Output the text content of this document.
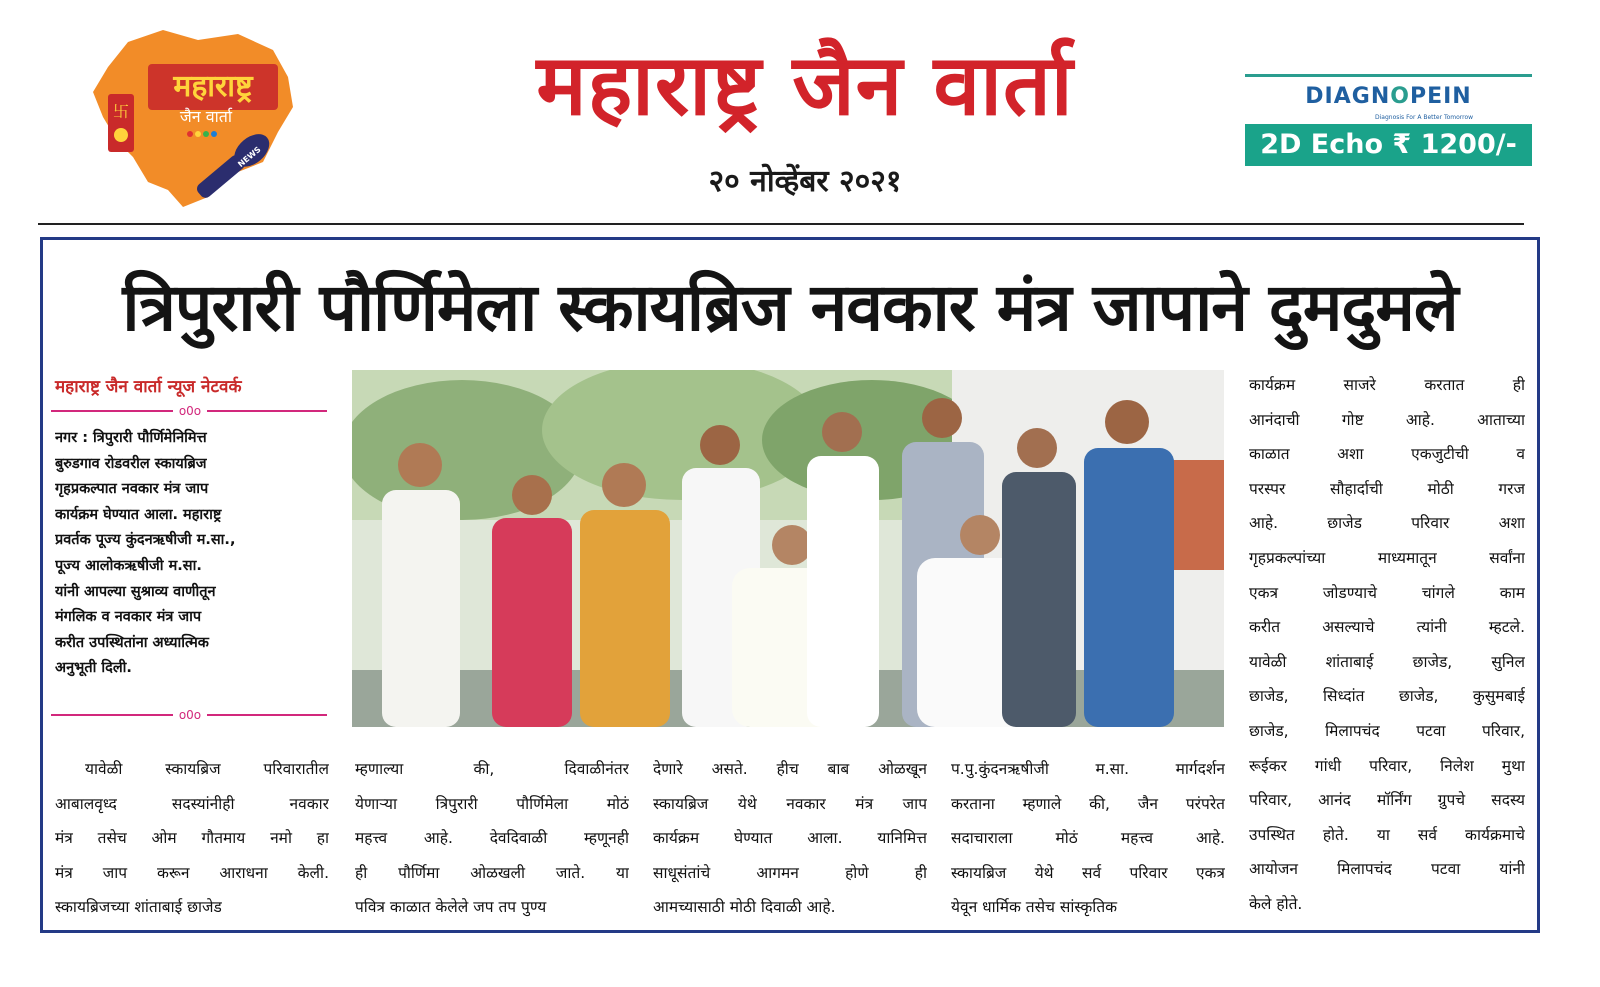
महाराष्ट्र
जैन वार्ता
卐
NEWS
महाराष्ट्र जैन वार्ता
२० नोव्हेंबर २०२१
DIAGNOPEIN
Diagnosis For A Better Tomorrow
2D Echo ₹ 1200/-
त्रिपुरारी पौर्णिमेला स्कायब्रिज नवकार मंत्र जापाने दुमदुमले
महाराष्ट्र जैन वार्ता न्यूज नेटवर्क
o0o
नगर : त्रिपुरारी पौर्णिमेनिमित्त
बुरुडगाव रोडवरील स्कायब्रिज
गृहप्रकल्पात नवकार मंत्र जाप
कार्यक्रम घेण्यात आला. महाराष्ट्र
प्रवर्तक पूज्य कुंदनऋषीजी म.सा.,
पूज्य आलोकऋषीजी म.सा.
यांनी आपल्या सुश्राव्य वाणीतून
मंगलिक व नवकार मंत्र जाप
करीत उपस्थितांना अध्यात्मिक
अनुभूती दिली.
o0o
यावेळी स्कायब्रिज परिवारातील
आबालवृध्द सदस्यांनीही नवकार
मंत्र तसेच ओम गौतमाय नमो हा
मंत्र जाप करून आराधना केली.
स्कायब्रिजच्या शांताबाई छाजेड
म्हणाल्या की, दिवाळीनंतर
येणाऱ्या त्रिपुरारी पौर्णिमेला मोठं
महत्त्व आहे. देवदिवाळी म्हणूनही
ही पौर्णिमा ओळखली जाते. या
पवित्र काळात केलेले जप तप पुण्य
देणारे असते. हीच बाब ओळखून
स्कायब्रिज येथे नवकार मंत्र जाप
कार्यक्रम घेण्यात आला. यानिमित्त
साधूसंतांचे आगमन होणे ही
आमच्यासाठी मोठी दिवाळी आहे.
प.पु.कुंदनऋषीजी म.सा. मार्गदर्शन
करताना म्हणाले की, जैन परंपरेत
सदाचाराला मोठं महत्त्व आहे.
स्कायब्रिज येथे सर्व परिवार एकत्र
येवून धार्मिक तसेच सांस्कृतिक
कार्यक्रम साजरे करतात ही
आनंदाची गोष्ट आहे. आताच्या
काळात अशा एकजुटीची व
परस्पर सौहार्दाची मोठी गरज
आहे. छाजेड परिवार अशा
गृहप्रकल्पांच्या माध्यमातून सर्वांना
एकत्र जोडण्याचे चांगले काम
करीत असल्याचे त्यांनी म्हटले.
यावेळी शांताबाई छाजेड, सुनिल
छाजेड, सिध्दांत छाजेड, कुसुमबाई
छाजेड, मिलापचंद पटवा परिवार,
रूईकर गांधी परिवार, निलेश मुथा
परिवार, आनंद मॉर्निंग ग्रुपचे सदस्य
उपस्थित होते. या सर्व कार्यक्रमाचे
आयोजन मिलापचंद पटवा यांनी
केले होते.
